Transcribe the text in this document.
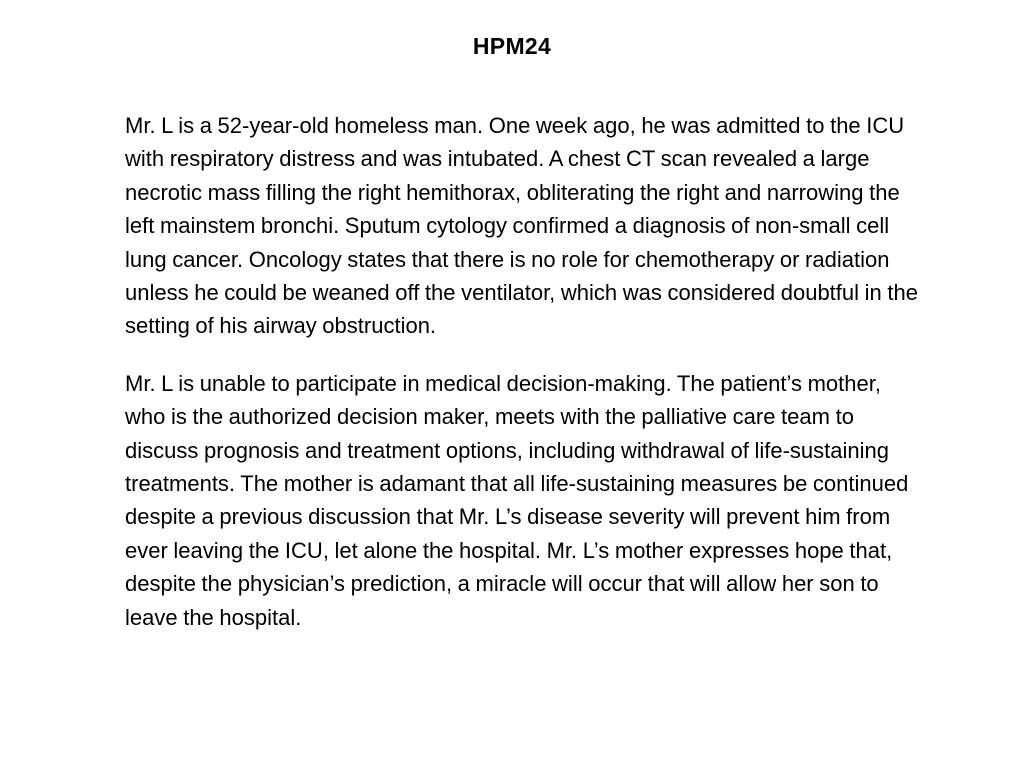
HPM24

Mr. L is a 52-year-old homeless man. One week ago, he was admitted to the ICU with respiratory distress and was intubated. A chest CT scan revealed a large necrotic mass filling the right hemithorax, obliterating the right and narrowing the left mainstem bronchi. Sputum cytology confirmed a diagnosis of non-small cell lung cancer. Oncology states that there is no role for chemotherapy or radiation unless he could be weaned off the ventilator, which was considered doubtful in the setting of his airway obstruction.

Mr. L is unable to participate in medical decision-making. The patient’s mother, who is the authorized decision maker, meets with the palliative care team to discuss prognosis and treatment options, including withdrawal of life-sustaining treatments. The mother is adamant that all life-sustaining measures be continued despite a previous discussion that Mr. L’s disease severity will prevent him from ever leaving the ICU, let alone the hospital. Mr. L’s mother expresses hope that, despite the physician’s prediction, a miracle will occur that will allow her son to leave the hospital.
